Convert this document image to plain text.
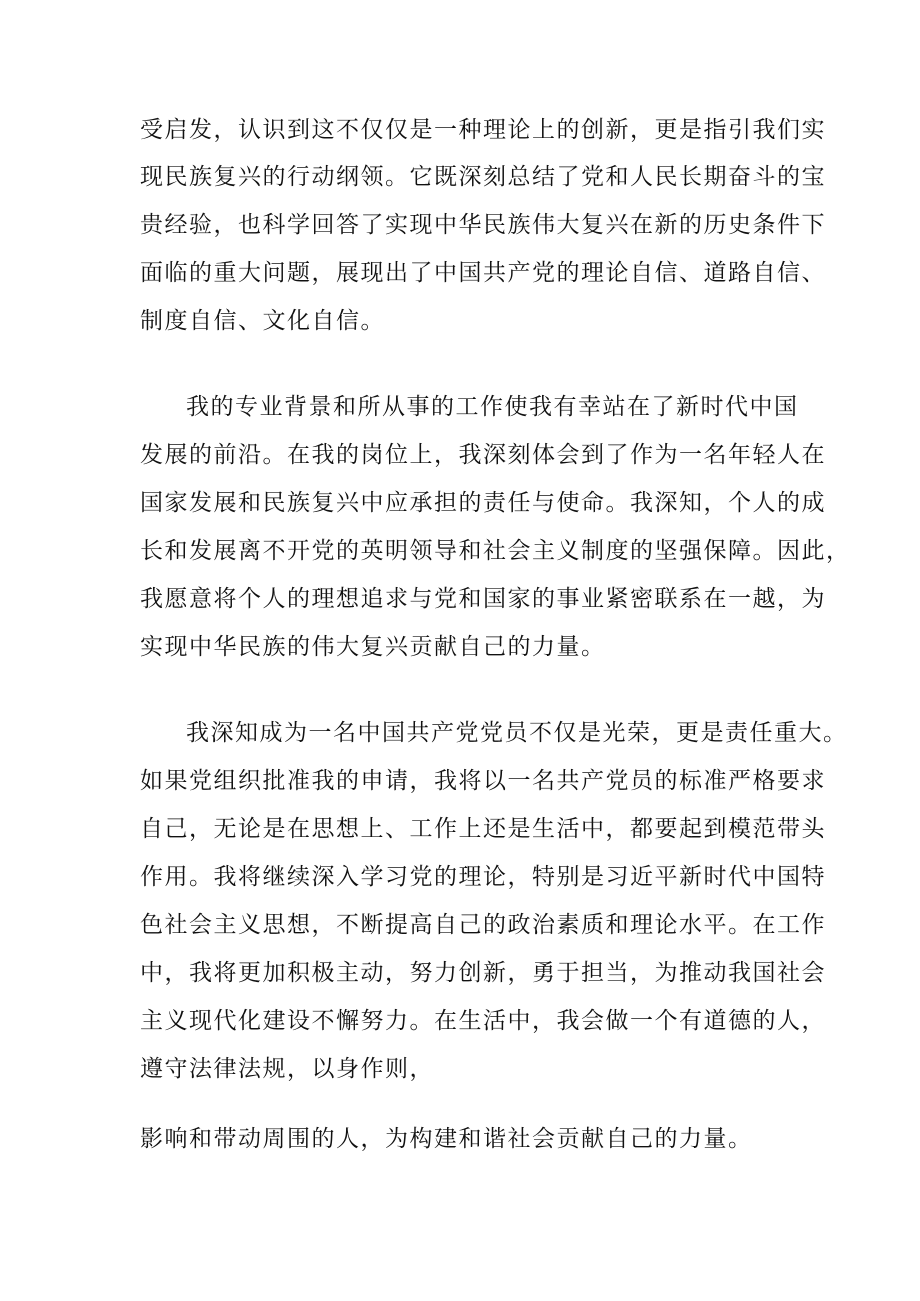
受启发，认识到这不仅仅是一种理论上的创新，更是指引我们实
现民族复兴的行动纲领。它既深刻总结了党和人民长期奋斗的宝
贵经验，也科学回答了实现中华民族伟大复兴在新的历史条件下
面临的重大问题，展现出了中国共产党的理论自信、道路自信、
制度自信、文化自信。
我的专业背景和所从事的工作使我有幸站在了新时代中国
发展的前沿。在我的岗位上，我深刻体会到了作为一名年轻人在
国家发展和民族复兴中应承担的责任与使命。我深知，个人的成
长和发展离不开党的英明领导和社会主义制度的坚强保障。因此，
我愿意将个人的理想追求与党和国家的事业紧密联系在一越，为
实现中华民族的伟大复兴贡献自己的力量。
我深知成为一名中国共产党党员不仅是光荣，更是责任重大。
如果党组织批准我的申请，我将以一名共产党员的标准严格要求
自己，无论是在思想上、工作上还是生活中，都要起到模范带头
作用。我将继续深入学习党的理论，特别是习近平新时代中国特
色社会主义思想，不断提高自己的政治素质和理论水平。在工作
中，我将更加积极主动，努力创新，勇于担当，为推动我国社会
主义现代化建设不懈努力。在生活中，我会做一个有道德的人，
遵守法律法规，以身作则，
影响和带动周围的人，为构建和谐社会贡献自己的力量。
